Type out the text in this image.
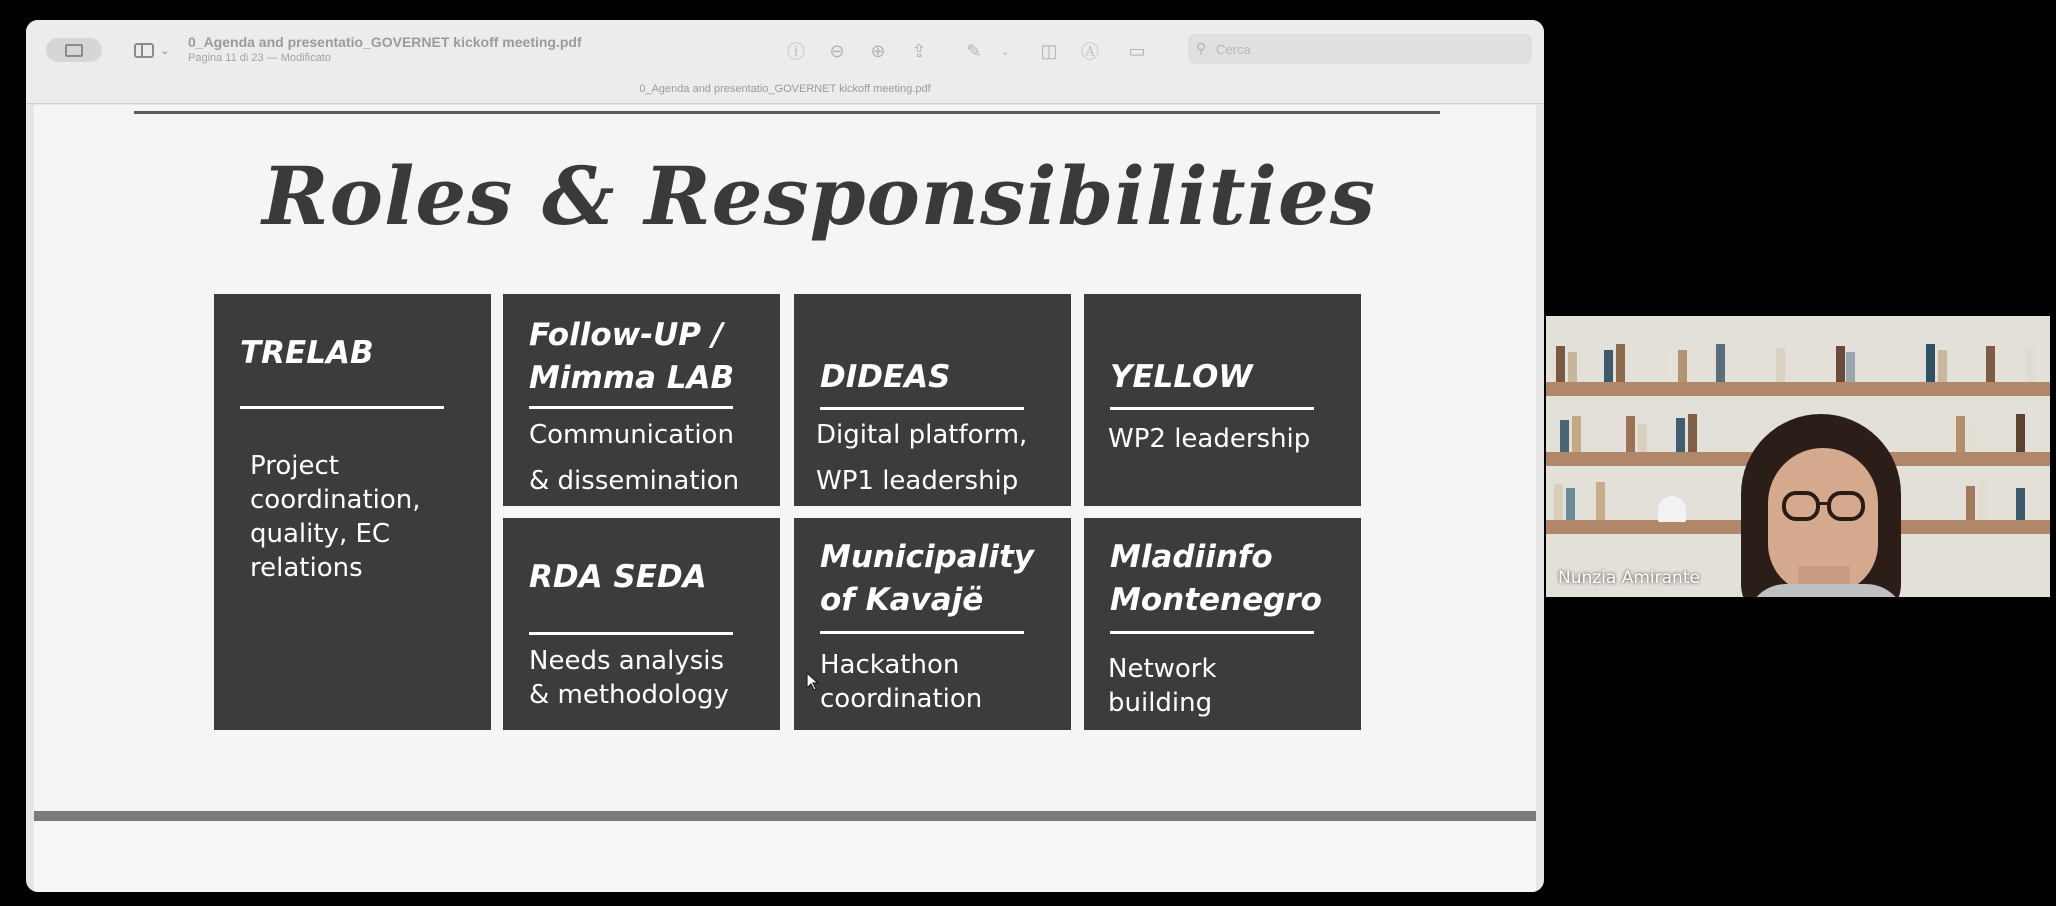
⌄
0_Agenda and presentatio_GOVERNET kickoff meeting.pdf
Pagina 11 di 23 — Modificato	ⓘ	⊖	⊕	⇪	✎	⌄	◫ Ⓐ ▭	⚲
Cerca
0_Agenda and presentatio_GOVERNET kickoff meeting.pdf
Roles & Responsibilities
TRELAB
Project
coordination,
quality, EC
relations
Follow-UP /
Mimma LAB
Communication
& dissemination
DIDEAS
Digital platform,
WP1 leadership
YELLOW
WP2 leadership
RDA SEDA
Needs analysis
& methodology
Municipality
of Kavajë
Hackathon
coordination
Mladiinfo
Montenegro
Network
building
Nunzia Amirante
